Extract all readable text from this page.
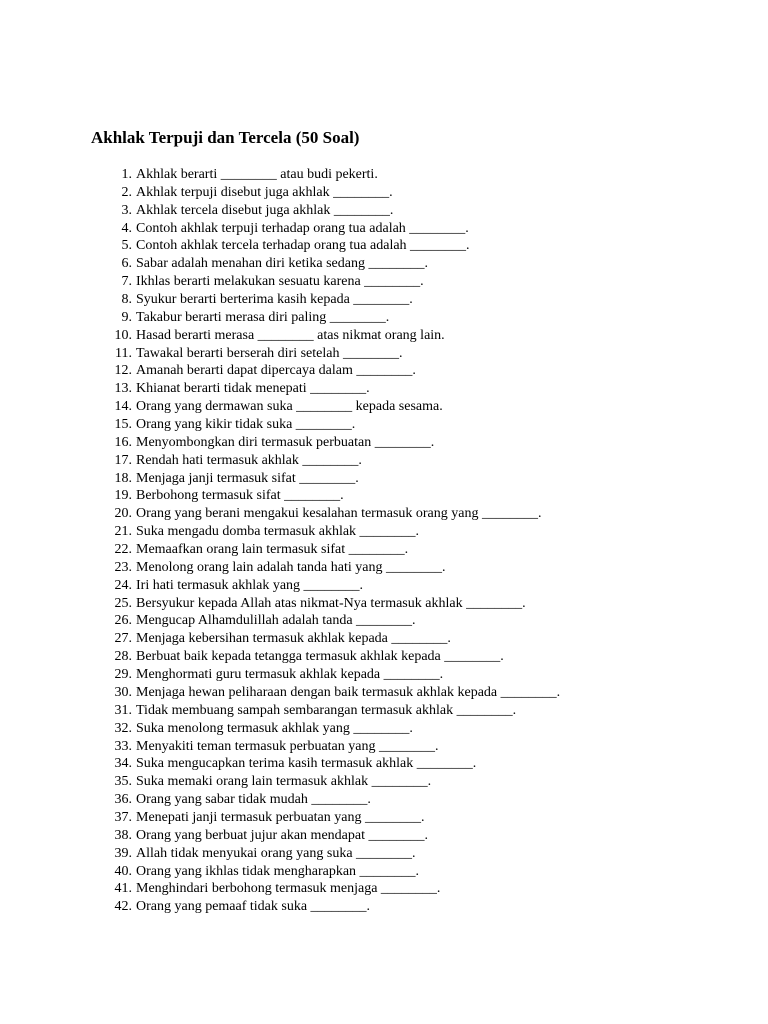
Akhlak Terpuji dan Tercela (50 Soal)
1. Akhlak berarti ________ atau budi pekerti.
2. Akhlak terpuji disebut juga akhlak ________.
3. Akhlak tercela disebut juga akhlak ________.
4. Contoh akhlak terpuji terhadap orang tua adalah ________.
5. Contoh akhlak tercela terhadap orang tua adalah ________.
6. Sabar adalah menahan diri ketika sedang ________.
7. Ikhlas berarti melakukan sesuatu karena ________.
8. Syukur berarti berterima kasih kepada ________.
9. Takabur berarti merasa diri paling ________.
10. Hasad berarti merasa ________ atas nikmat orang lain.
11. Tawakal berarti berserah diri setelah ________.
12. Amanah berarti dapat dipercaya dalam ________.
13. Khianat berarti tidak menepati ________.
14. Orang yang dermawan suka ________ kepada sesama.
15. Orang yang kikir tidak suka ________.
16. Menyombongkan diri termasuk perbuatan ________.
17. Rendah hati termasuk akhlak ________.
18. Menjaga janji termasuk sifat ________.
19. Berbohong termasuk sifat ________.
20. Orang yang berani mengakui kesalahan termasuk orang yang ________.
21. Suka mengadu domba termasuk akhlak ________.
22. Memaafkan orang lain termasuk sifat ________.
23. Menolong orang lain adalah tanda hati yang ________.
24. Iri hati termasuk akhlak yang ________.
25. Bersyukur kepada Allah atas nikmat-Nya termasuk akhlak ________.
26. Mengucap Alhamdulillah adalah tanda ________.
27. Menjaga kebersihan termasuk akhlak kepada ________.
28. Berbuat baik kepada tetangga termasuk akhlak kepada ________.
29. Menghormati guru termasuk akhlak kepada ________.
30. Menjaga hewan peliharaan dengan baik termasuk akhlak kepada ________.
31. Tidak membuang sampah sembarangan termasuk akhlak ________.
32. Suka menolong termasuk akhlak yang ________.
33. Menyakiti teman termasuk perbuatan yang ________.
34. Suka mengucapkan terima kasih termasuk akhlak ________.
35. Suka memaki orang lain termasuk akhlak ________.
36. Orang yang sabar tidak mudah ________.
37. Menepati janji termasuk perbuatan yang ________.
38. Orang yang berbuat jujur akan mendapat ________.
39. Allah tidak menyukai orang yang suka ________.
40. Orang yang ikhlas tidak mengharapkan ________.
41. Menghindari berbohong termasuk menjaga ________.
42. Orang yang pemaaf tidak suka ________.
